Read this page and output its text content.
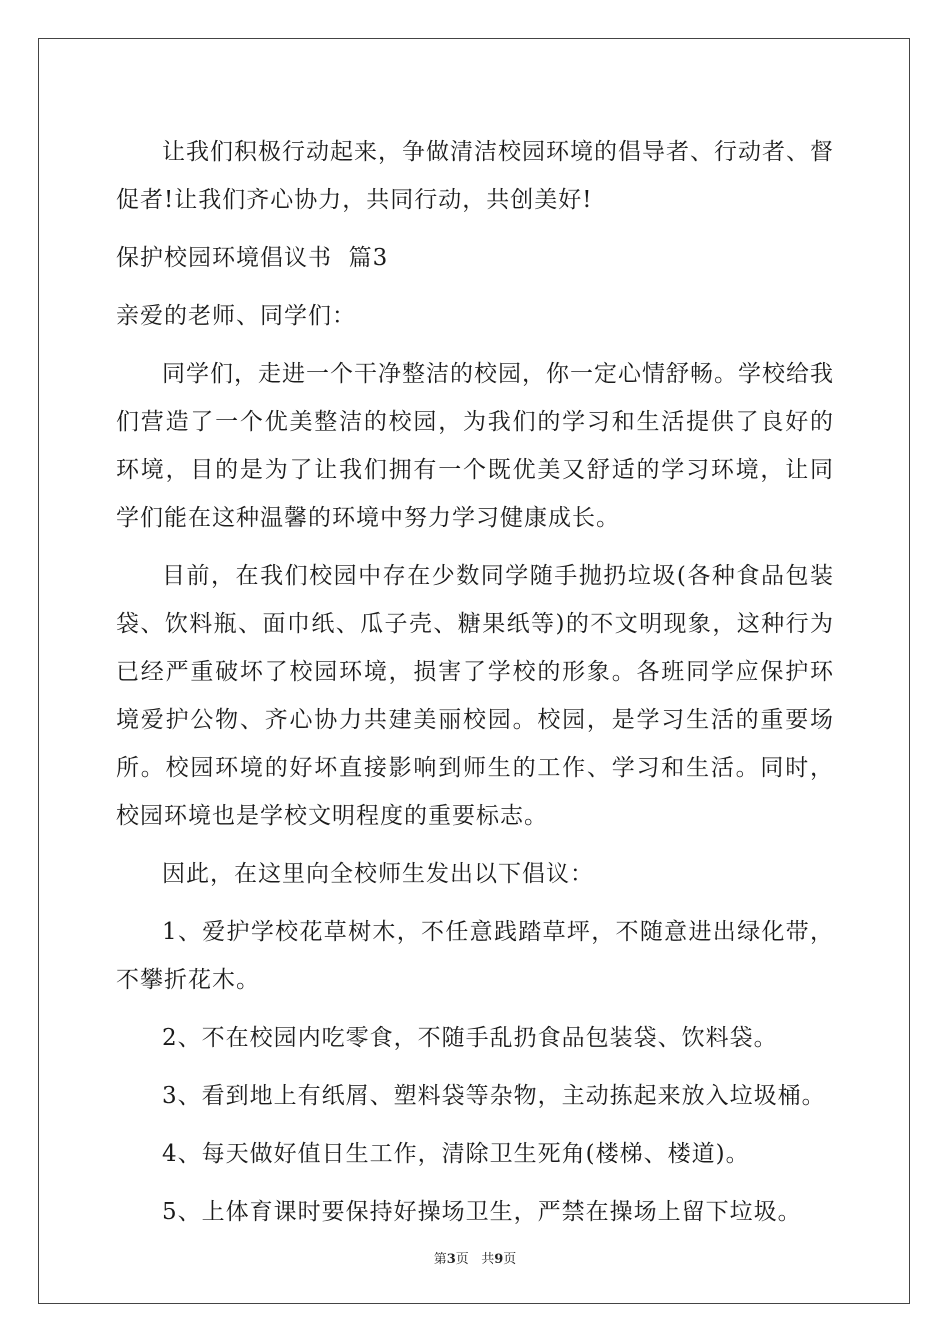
让我们积极行动起来，争做清洁校园环境的倡导者、行动者、督促者!让我们齐心协力，共同行动，共创美好!

保护校园环境倡议书  篇3

亲爱的老师、同学们：

同学们，走进一个干净整洁的校园，你一定心情舒畅。学校给我们营造了一个优美整洁的校园，为我们的学习和生活提供了良好的环境，目的是为了让我们拥有一个既优美又舒适的学习环境，让同学们能在这种温馨的环境中努力学习健康成长。

目前，在我们校园中存在少数同学随手抛扔垃圾(各种食品包装袋、饮料瓶、面巾纸、瓜子壳、糖果纸等)的不文明现象，这种行为已经严重破坏了校园环境，损害了学校的形象。各班同学应保护环境爱护公物、齐心协力共建美丽校园。校园，是学习生活的重要场所。校园环境的好坏直接影响到师生的工作、学习和生活。同时，校园环境也是学校文明程度的重要标志。

因此，在这里向全校师生发出以下倡议：

1、爱护学校花草树木，不任意践踏草坪，不随意进出绿化带，不攀折花木。

2、不在校园内吃零食，不随手乱扔食品包装袋、饮料袋。

3、看到地上有纸屑、塑料袋等杂物，主动拣起来放入垃圾桶。

4、每天做好值日生工作，清除卫生死角(楼梯、楼道)。

5、上体育课时要保持好操场卫生，严禁在操场上留下垃圾。

第3页 共9页
